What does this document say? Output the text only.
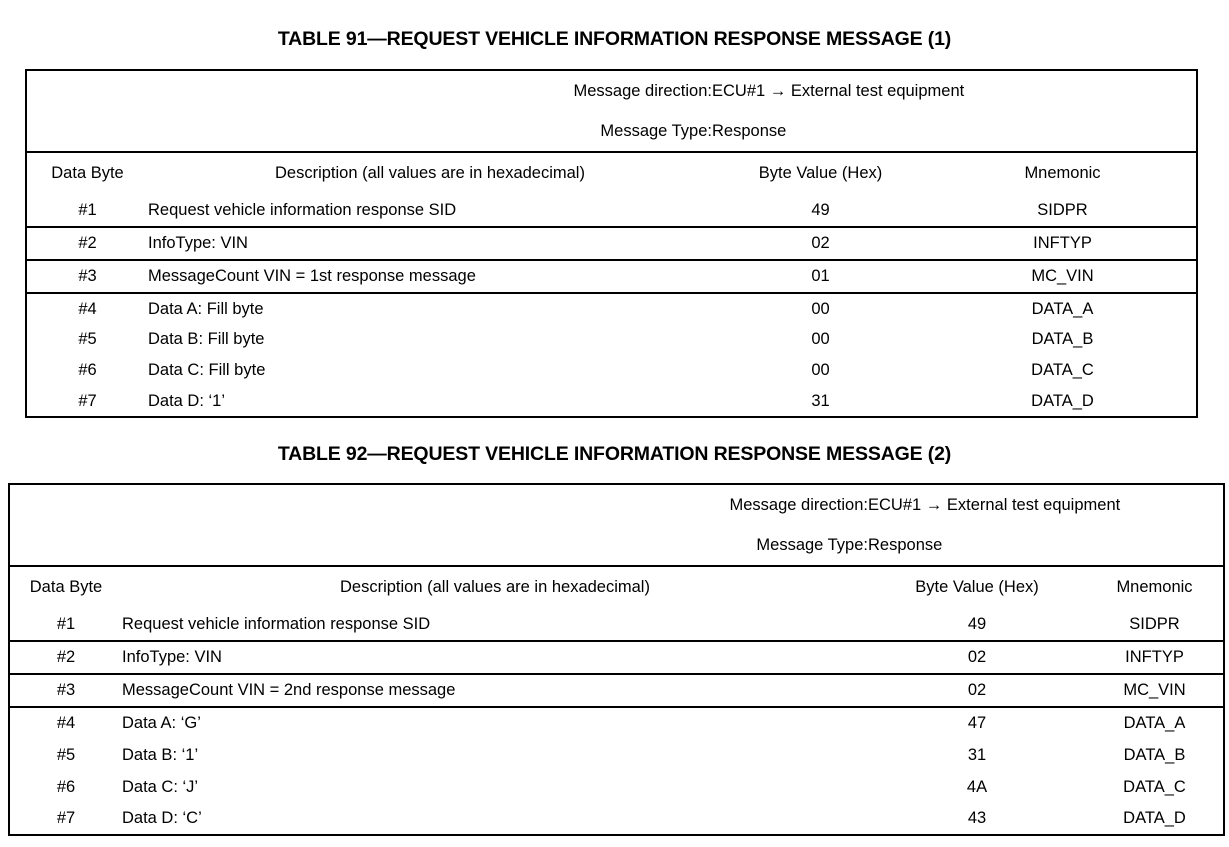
TABLE 91—REQUEST VEHICLE INFORMATION RESPONSE MESSAGE (1)
Message direction:		ECU#1 → External test equipment	
Message Type:		Response	
Data Byte	Description (all values are in hexadecimal)	Byte Value (Hex)	Mnemonic
#1	Request vehicle information response SID	49	SIDPR
#2	InfoType: VIN	02	INFTYP
#3	MessageCount VIN = 1st response message	01	MC_VIN
#4	Data A: Fill byte	00	DATA_A
#5	Data B: Fill byte	00	DATA_B
#6	Data C: Fill byte	00	DATA_C
#7	Data D: ‘1’	31	DATA_D
TABLE 92—REQUEST VEHICLE INFORMATION RESPONSE MESSAGE (2)
Message direction:		ECU#1 → External test equipment	
Message Type:		Response	
Data Byte	Description (all values are in hexadecimal)	Byte Value (Hex)	Mnemonic
#1	Request vehicle information response SID	49	SIDPR
#2	InfoType: VIN	02	INFTYP
#3	MessageCount VIN = 2nd response message	02	MC_VIN
#4	Data A: ‘G’	47	DATA_A
#5	Data B: ‘1’	31	DATA_B
#6	Data C: ‘J’	4A	DATA_C
#7	Data D: ‘C’	43	DATA_D
